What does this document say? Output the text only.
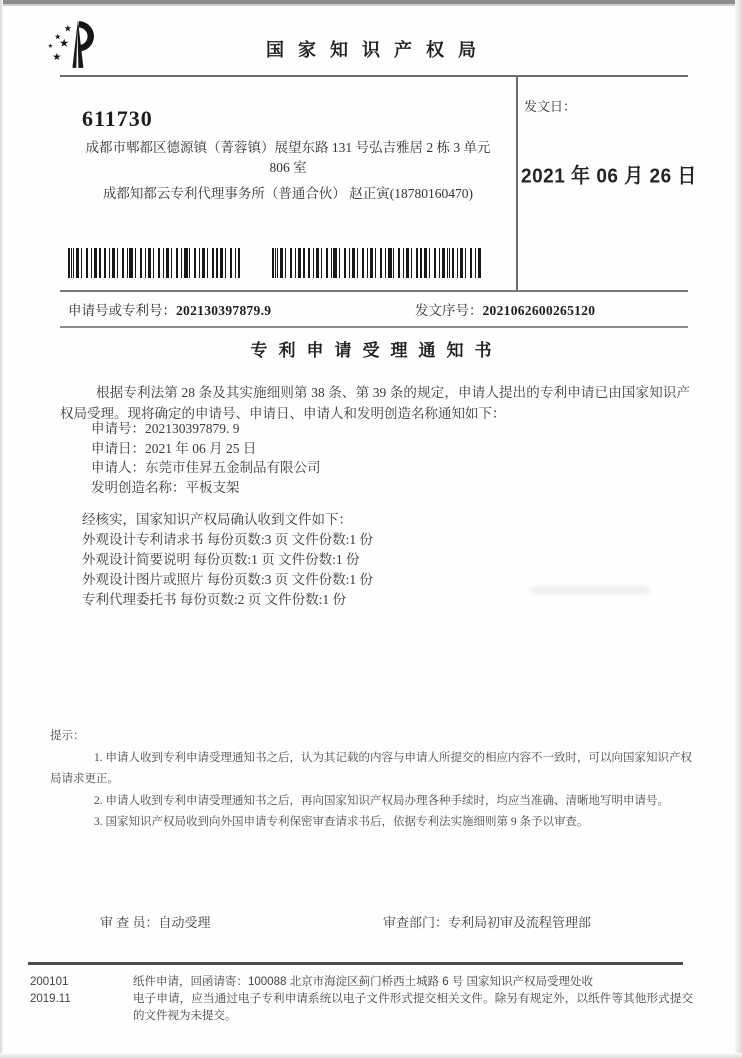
国家知识产权局
611730
成都市郫都区德源镇（菁蓉镇）展望东路 131 号弘吉雅居 2 栋 3 单元
806 室
成都知都云专利代理事务所（普通合伙） 赵正寅(18780160470)
发文日：
2021 年 06 月 26 日
申请号或专利号：202130397879.9	发文序号：2021062600265120
专利申请受理通知书

根据专利法第 28 条及其实施细则第 38 条、第 39 条的规定，申请人提出的专利申请已由国家知识产权局受理。现将确定的申请号、申请日、申请人和发明创造名称通知如下：

申请号：202130397879. 9
申请日：2021 年 06 月 25 日
申请人：东莞市佳昇五金制品有限公司
发明创造名称：平板支架
经核实，国家知识产权局确认收到文件如下：
外观设计专利请求书 每份页数:3 页 文件份数:1 份
外观设计简要说明 每份页数:1 页 文件份数:1 份
外观设计图片或照片 每份页数:3 页 文件份数:1 份
专利代理委托书 每份页数:2 页 文件份数:1 份
提示：
1. 申请人收到专利申请受理通知书之后，认为其记载的内容与申请人所提交的相应内容不一致时，可以向国家知识产权局请求更正。
2. 申请人收到专利申请受理通知书之后，再向国家知识产权局办理各种手续时，均应当准确、清晰地写明申请号。
3. 国家知识产权局收到向外国申请专利保密审查请求书后，依据专利法实施细则第 9 条予以审查。
审 查 员：自动受理	审查部门：专利局初审及流程管理部
200101
2019.11
纸件申请，回函请寄：100088 北京市海淀区蓟门桥西土城路 6 号 国家知识产权局受理处收
电子申请，应当通过电子专利申请系统以电子文件形式提交相关文件。除另有规定外，以纸件等其他形式提交的文件视为未提交。
